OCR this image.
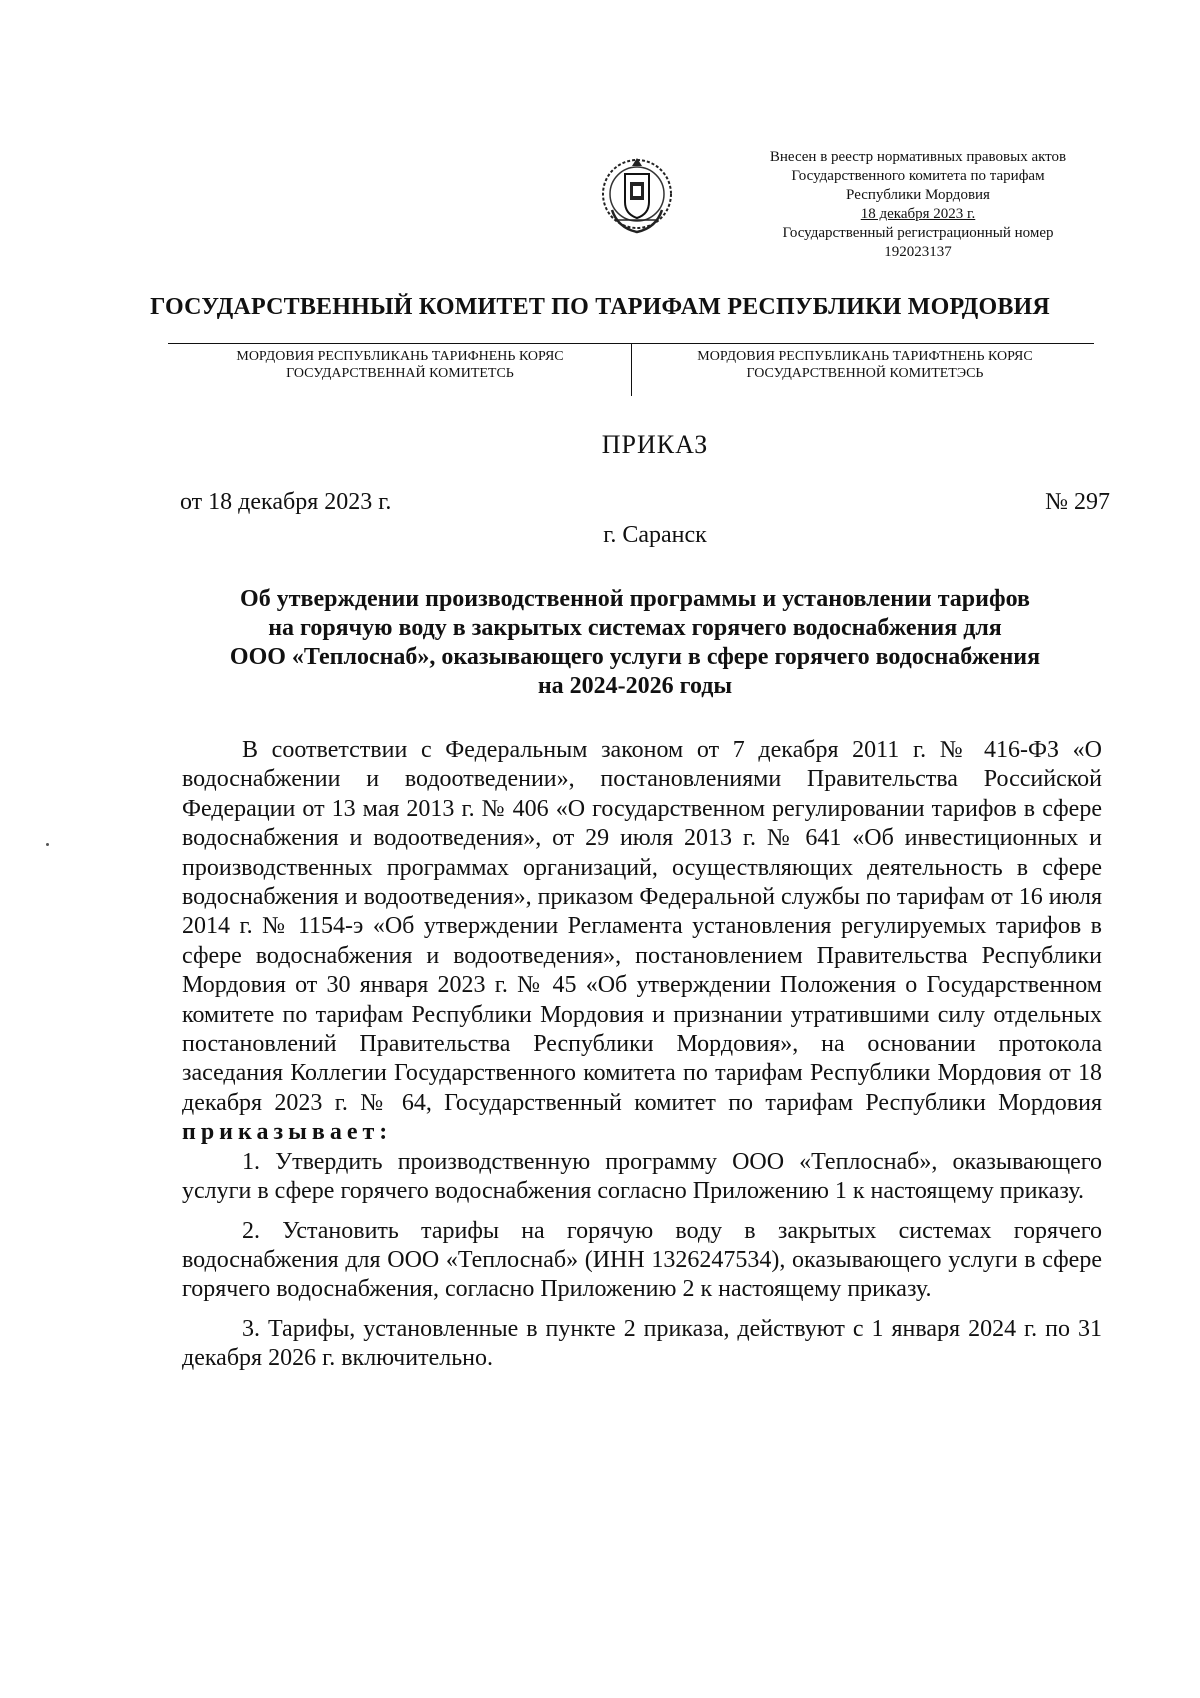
Внесен в реестр нормативных правовых актов
Государственного комитета по тарифам
Республики Мордовия
18 декабря 2023 г.
Государственный регистрационный номер
192023137
ГОСУДАРСТВЕННЫЙ КОМИТЕТ ПО ТАРИФАМ РЕСПУБЛИКИ МОРДОВИЯ
МОРДОВИЯ РЕСПУБЛИКАНЬ ТАРИФНЕНЬ КОРЯС
ГОСУДАРСТВЕННАЙ КОМИТЕТСЬ
МОРДОВИЯ РЕСПУБЛИКАНЬ ТАРИФТНЕНЬ КОРЯС
ГОСУДАРСТВЕННОЙ КОМИТЕТЭСЬ
ПРИКАЗ
от 18 декабря 2023 г.	№ 297
г. Саранск
Об утверждении производственной программы и установлении тарифов
на горячую воду в закрытых системах горячего водоснабжения для
ООО «Теплоснаб», оказывающего услуги в сфере горячего водоснабжения
на 2024-2026 годы

В соответствии с Федеральным законом от 7 декабря 2011 г. № 416-ФЗ «О водоснабжении и водоотведении», постановлениями Правительства Российской Федерации от 13 мая 2013 г. № 406 «О государственном регулировании тарифов в сфере водоснабжения и водоотведения», от 29 июля 2013 г. № 641 «Об инвестиционных и производственных программах организаций, осуществляющих деятельность в сфере водоснабжения и водоотведения», приказом Федеральной службы по тарифам от 16 июля 2014 г. № 1154-э «Об утверждении Регламента установления регулируемых тарифов в сфере водоснабжения и водоотведения», постановлением Правительства Республики Мордовия от 30 января 2023 г. № 45 «Об утверждении Положения о Государственном комитете по тарифам Республики Мордовия и признании утратившими силу отдельных постановлений Правительства Республики Мордовия», на основании протокола заседания Коллегии Государственного комитета по тарифам Республики Мордовия от 18 декабря 2023 г. № 64, Государственный комитет по тарифам Республики Мордовия приказывает:

1. Утвердить производственную программу ООО «Теплоснаб», оказывающего услуги в сфере горячего водоснабжения согласно Приложению 1 к настоящему приказу.

2. Установить тарифы на горячую воду в закрытых системах горячего водоснабжения для ООО «Теплоснаб» (ИНН 1326247534), оказывающего услуги в сфере горячего водоснабжения, согласно Приложению 2 к настоящему приказу.

3. Тарифы, установленные в пункте 2 приказа, действуют с 1 января 2024 г. по 31 декабря 2026 г. включительно.
